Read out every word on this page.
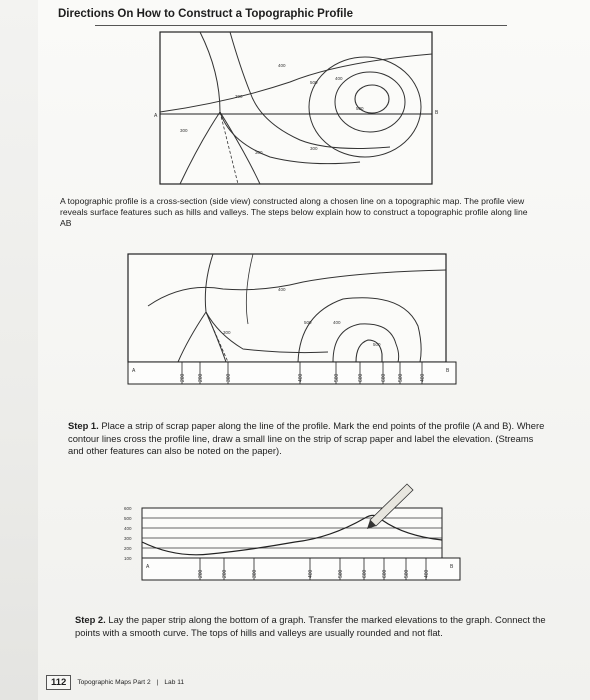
Directions On How to Construct a Topographic Profile
A	B
400
300
500
500
400
300
300
300
A topographic profile is a cross-section (side view) constructed along a chosen line on a topographic map. The profile view reveals surface features such as hills and valleys. The steps below explain how to construct a topographic profile along line AB
400
300
500	400
500
A	B
200 200	300	400	500	600	600 500	400
Step 1. Place a strip of scrap paper along the line of the profile. Mark the end points of the profile (A and B). Where contour lines cross the profile line, draw a small line on the strip of scrap paper and label the elevation. (Streams and other features can also be noted on the paper).
600
500
400
300
200
100
A	B
200	200	300	400	500	600	600	500	400
Step 2. Lay the paper strip along the bottom of a graph. Transfer the marked elevations to the graph. Connect the points with a smooth curve. The tops of hills and valleys are usually rounded and not flat.
112	Topographic Maps Part 2 | Lab 11
